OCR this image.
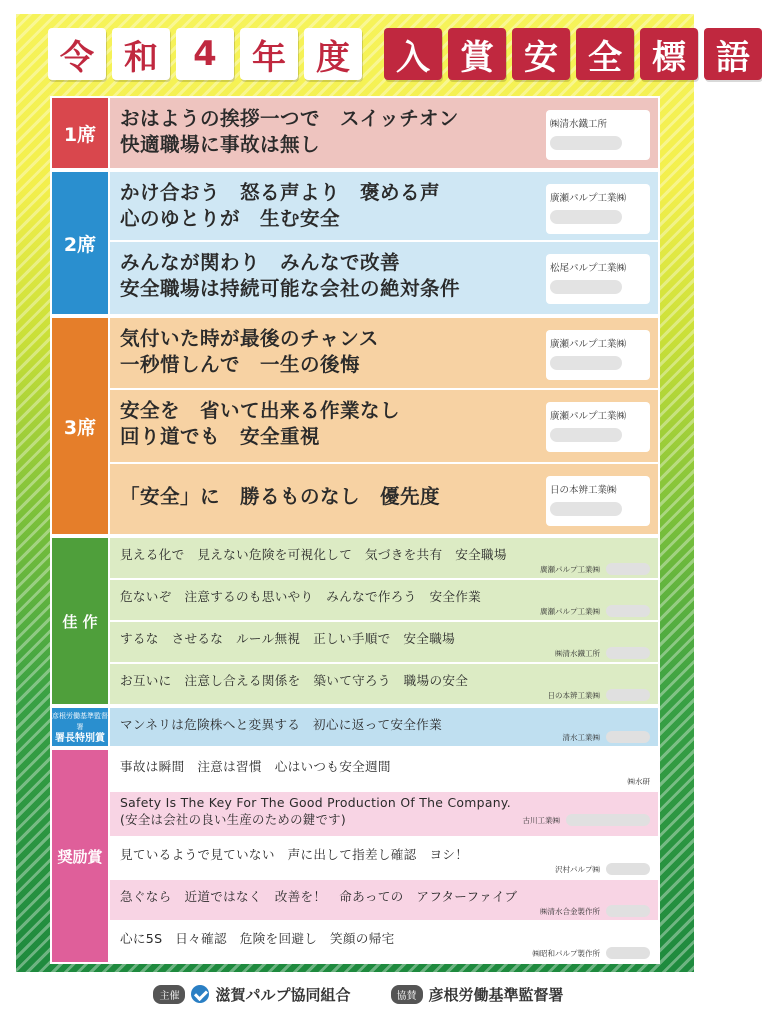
令 和	4	年 度	入 賞 安 全 標 語
1席
おはようの挨拶一つで　スイッチオン
快適職場に事故は無し
㈱清水鐵工所
2席
かけ合おう　怒る声より　褒める声
心のゆとりが　生む安全
廣瀬パルプ工業㈱
みんなが関わり　みんなで改善
安全職場は持続可能な会社の絶対条件
松尾パルプ工業㈱
3席
気付いた時が最後のチャンス
一秒惜しんで　一生の後悔
廣瀬パルプ工業㈱
安全を　省いて出来る作業なし
回り道でも　安全重視
廣瀬パルプ工業㈱
「安全」に　勝るものなし　優先度	日の本辨工業㈱
佳 作
見える化で　見えない危険を可視化して　気づきを共有　安全職場
廣瀬パルプ工業㈱
危ないぞ　注意するのも思いやり　みんなで作ろう　安全作業
廣瀬パルプ工業㈱
するな　させるな　ルール無視　正しい手順で　安全職場
㈱清水鐵工所
お互いに　注意し合える関係を　築いて守ろう　職場の安全
日の本辨工業㈱
彦根労働基準監督署
署長特別賞
マンネリは危険株へと変異する　初心に返って安全作業
清水工業㈱
奨励賞
事故は瞬間　注意は習慣　心はいつも安全週間
㈱水研
Safety Is The Key For The Good Production Of The Company.
(安全は会社の良い生産のための鍵です)	古川工業㈱
見ているようで見ていない　声に出して指差し確認　ヨシ！
沢村パルプ㈱
急ぐなら　近道ではなく　改善を！　命あっての　アフターファイブ
㈱清水合金製作所
心に5S　日々確認　危険を回避し　笑顔の帰宅
㈱昭和パルプ製作所
主催	滋賀パルプ協同組合	協賛 彦根労働基準監督署
